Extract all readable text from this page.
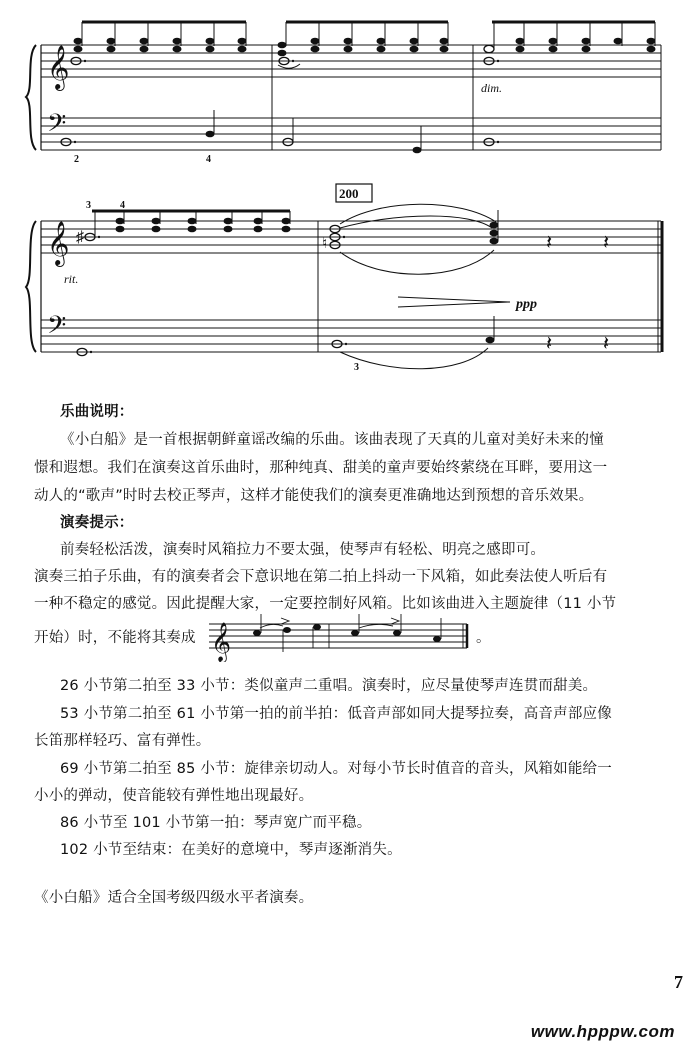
𝄞
𝄢
𝄞
𝄢
♯	♮	𝄽	𝄽
𝄽	𝄽
2	4
dim.
3	4
rit.
200
ppp
3
乐曲说明：
《小白船》是一首根据朝鲜童谣改编的乐曲。该曲表现了天真的儿童对美好未来的憧
憬和遐想。我们在演奏这首乐曲时，那种纯真、甜美的童声要始终萦绕在耳畔，要用这一
动人的“歌声”时时去校正琴声，这样才能使我们的演奏更准确地达到预想的音乐效果。
演奏提示：
前奏轻松活泼，演奏时风箱拉力不要太强，使琴声有轻松、明亮之感即可。
演奏三拍子乐曲，有的演奏者会下意识地在第二拍上抖动一下风箱，如此奏法使人听后有
一种不稳定的感觉。因此提醒大家，一定要控制好风箱。比如该曲进入主题旋律（11 小节
开始）时，不能将其奏成 𝄞	。
26 小节第二拍至 33 小节：类似童声二重唱。演奏时，应尽量使琴声连贯而甜美。
53 小节第二拍至 61 小节第一拍的前半拍：低音声部如同大提琴拉奏，高音声部应像
长笛那样轻巧、富有弹性。
69 小节第二拍至 85 小节：旋律亲切动人。对每小节长时值音的音头，风箱如能给一
小小的弹动，使音能较有弹性地出现最好。
86 小节至 101 小节第一拍：琴声宽广而平稳。
102 小节至结束：在美好的意境中，琴声逐渐消失。
《小白船》适合全国考级四级水平者演奏。
7
www.hpppw.com
